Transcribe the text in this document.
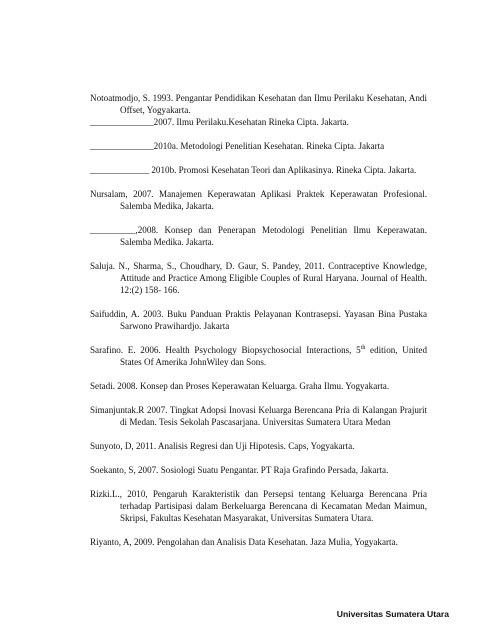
Notoatmodjo, S. 1993. Pengantar Pendidikan Kesehatan dan Ilmu Perilaku Kesehatan, Andi Offset, Yogyakarta.

______________2007. Ilmu Perilaku.Kesehatan Rineka Cipta. Jakarta.

______________2010a. Metodologi Penelitian Kesehatan. Rineka Cipta. Jakarta

_____________ 2010b. Promosi Kesehatan Teori dan Aplikasinya. Rineka Cipta. Jakarta.

Nursalam, 2007. Manajemen Keperawatan Aplikasi Praktek Keperawatan Profesional. Salemba Medika, Jakarta.

__________,2008. Konsep dan Penerapan Metodologi Penelitian Ilmu Keperawatan. Salemba Medika. Jakarta.

Saluja. N., Sharma, S., Choudhary, D. Gaur, S. Pandey, 2011. Contraceptive Knowledge, Attitude and Practice Among Eligible Couples of Rural Haryana. Journal of Health. 12:(2) 158- 166.

Saifuddin, A. 2003. Buku Panduan Praktis Pelayanan Kontrasepsi. Yayasan Bina Pustaka Sarwono Prawihardjo. Jakarta

Sarafino. E. 2006. Health Psychology Biopsychosocial Interactions, 5th edition, United States Of Amerika JohnWiley dan Sons.

Setadi. 2008. Konsep dan Proses Keperawatan Keluarga. Graha Ilmu. Yogyakarta.

Simanjuntak.R 2007. Tingkat Adopsi Inovasi Keluarga Berencana Pria di Kalangan Prajurit di Medan. Tesis Sekolah Pascasarjana. Universitas Sumatera Utara Medan

Sunyoto, D, 2011. Analisis Regresi dan Uji Hipotesis. Caps, Yogyakarta.

Soekanto, S, 2007. Sosiologi Suatu Pengantar. PT Raja Grafindo Persada, Jakarta.

Rizki.L., 2010, Pengaruh Karakteristik dan Persepsi tentang Keluarga Berencana Pria terhadap Partisipasi dalam Berkeluarga Berencana di Kecamatan Medan Maimun, Skripsi, Fakultas Kesehatan Masyarakat, Universitas Sumatera Utara.

Riyanto, A, 2009. Pengolahan dan Analisis Data Kesehatan. Jaza Mulia, Yogyakarta.

Universitas Sumatera Utara
